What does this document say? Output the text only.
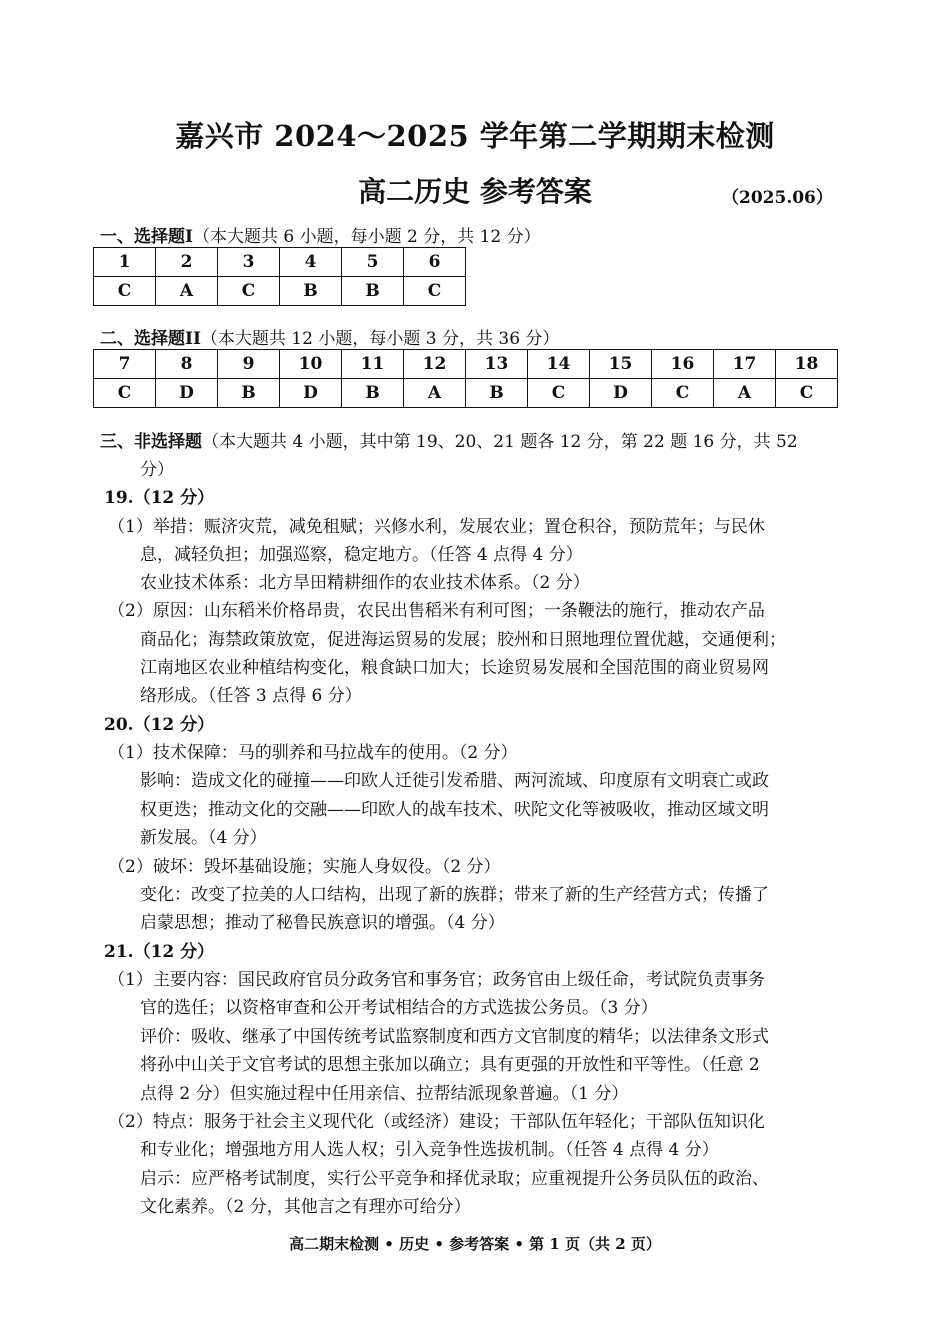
嘉兴市 2024～2025 学年第二学期期末检测
高二历史 参考答案	（2025.06）
一、选择题I（本大题共 6 小题，每小题 2 分，共 12 分）
1	2	3	4	5	6
C	A	C	B	B	C
二、选择题II（本大题共 12 小题，每小题 3 分，共 36 分）
7	8	9	10	11	12	13	14	15	16	17	18
C	D	B	D	B	A	B	C	D	C	A	C
三、非选择题（本大题共 4 小题，其中第 19、20、21 题各 12 分，第 22 题 16 分，共 52
分）
19.（12 分）
（1）举措：赈济灾荒，减免租赋；兴修水利，发展农业；置仓积谷，预防荒年；与民休
息，减轻负担；加强巡察，稳定地方。（任答 4 点得 4 分）
农业技术体系：北方旱田精耕细作的农业技术体系。（2 分）
（2）原因：山东稻米价格昂贵，农民出售稻米有利可图；一条鞭法的施行，推动农产品
商品化；海禁政策放宽，促进海运贸易的发展；胶州和日照地理位置优越，交通便利；
江南地区农业种植结构变化，粮食缺口加大；长途贸易发展和全国范围的商业贸易网
络形成。（任答 3 点得 6 分）
20.（12 分）
（1）技术保障：马的驯养和马拉战车的使用。（2 分）
影响：造成文化的碰撞——印欧人迁徙引发希腊、两河流域、印度原有文明衰亡或政
权更迭；推动文化的交融——印欧人的战车技术、吠陀文化等被吸收，推动区域文明
新发展。（4 分）
（2）破坏：毁坏基础设施；实施人身奴役。（2 分）
变化：改变了拉美的人口结构，出现了新的族群；带来了新的生产经营方式；传播了
启蒙思想；推动了秘鲁民族意识的增强。（4 分）
21.（12 分）
（1）主要内容：国民政府官员分政务官和事务官；政务官由上级任命，考试院负责事务
官的选任；以资格审查和公开考试相结合的方式选拔公务员。（3 分）
评价：吸收、继承了中国传统考试监察制度和西方文官制度的精华；以法律条文形式
将孙中山关于文官考试的思想主张加以确立；具有更强的开放性和平等性。（任意 2
点得 2 分）但实施过程中任用亲信、拉帮结派现象普遍。（1 分）
（2）特点：服务于社会主义现代化（或经济）建设；干部队伍年轻化；干部队伍知识化
和专业化；增强地方用人选人权；引入竞争性选拔机制。（任答 4 点得 4 分）
启示：应严格考试制度，实行公平竞争和择优录取；应重视提升公务员队伍的政治、
文化素养。（2 分，其他言之有理亦可给分）
高二期末检测 • 历史 • 参考答案 • 第 1 页（共 2 页）
